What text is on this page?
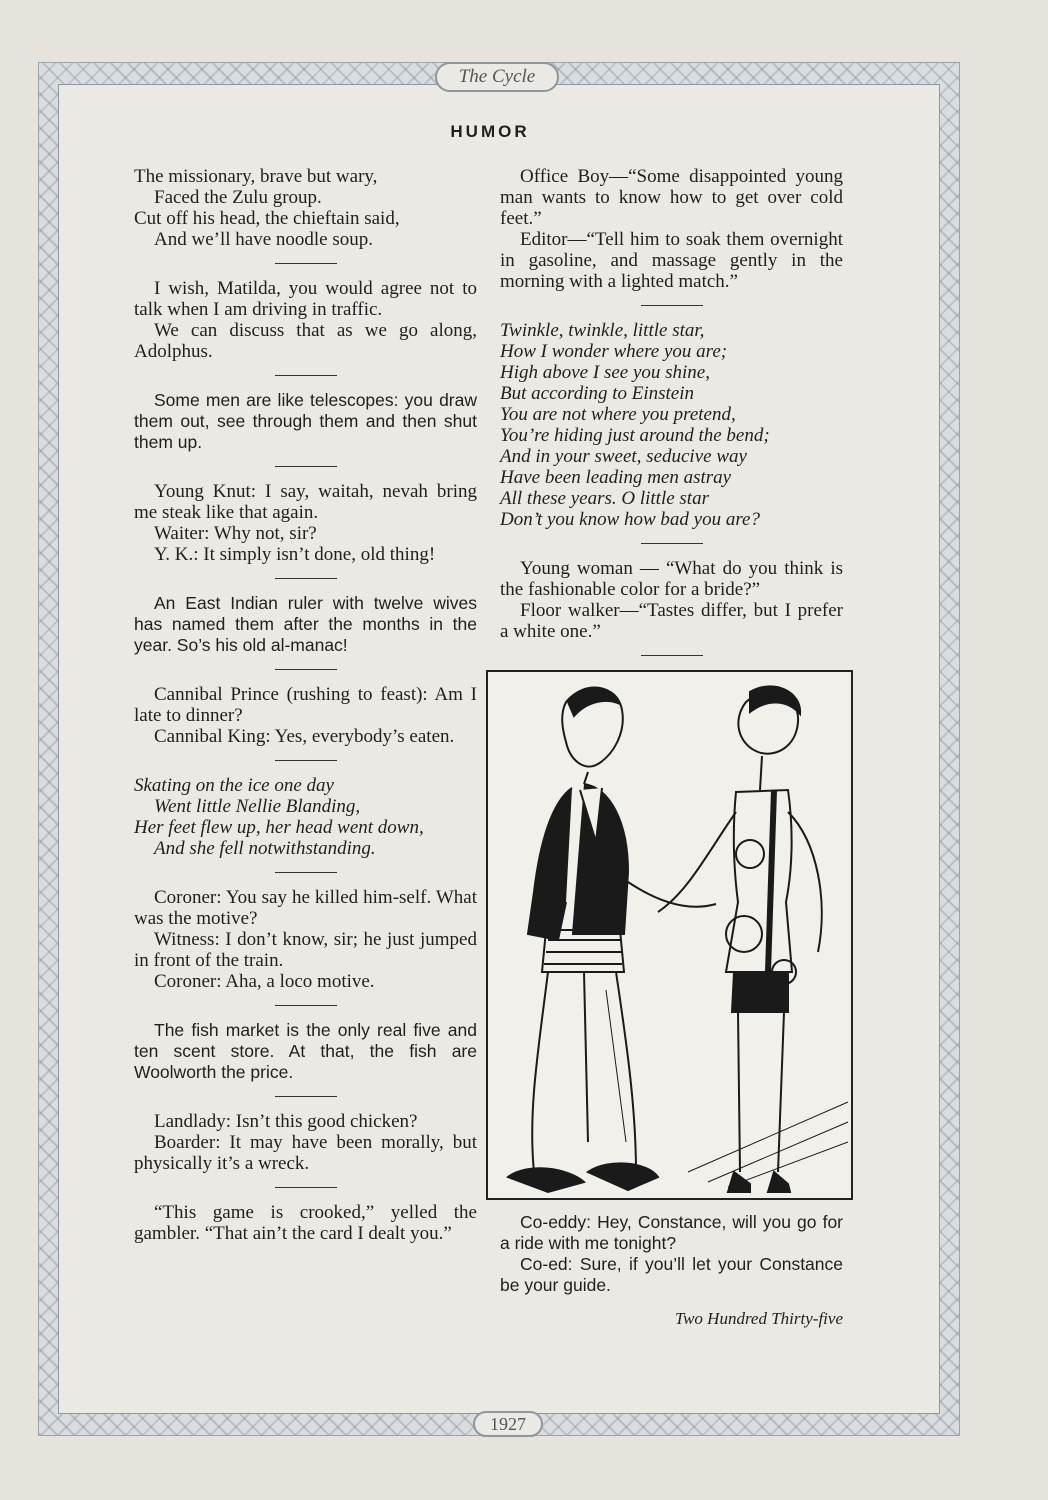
The Cycle
1927
HUMOR

The missionary, brave but wary,

Faced the Zulu group.

Cut off his head, the chieftain said,

And we’ll have noodle soup.

I wish, Matilda, you would agree not to talk when I am driving in traffic.

We can discuss that as we go along, Adolphus.

Some men are like telescopes: you draw them out, see through them and then shut them up.

Young Knut: I say, waitah, nevah bring me steak like that again.

Waiter: Why not, sir?

Y. K.: It simply isn’t done, old thing!

An East Indian ruler with twelve wives has named them after the months in the year. So’s his old al-manac!

Cannibal Prince (rushing to feast): Am I late to dinner?

Cannibal King: Yes, everybody’s eaten.

Skating on the ice one day

Went little Nellie Blanding,

Her feet flew up, her head went down,

And she fell notwithstanding.

Coroner: You say he killed him-self. What was the motive?

Witness: I don’t know, sir; he just jumped in front of the train.

Coroner: Aha, a loco motive.

The fish market is the only real five and ten scent store. At that, the fish are Woolworth the price.

Landlady: Isn’t this good chicken?

Boarder: It may have been morally, but physically it’s a wreck.

“This game is crooked,” yelled the gambler. “That ain’t the card I dealt you.”

Office Boy—“Some disappointed young man wants to know how to get over cold feet.”

Editor—“Tell him to soak them overnight in gasoline, and massage gently in the morning with a lighted match.”

Twinkle, twinkle, little star,

How I wonder where you are;

High above I see you shine,

But according to Einstein

You are not where you pretend,

You’re hiding just around the bend;

And in your sweet, seducive way

Have been leading men astray

All these years. O little star

Don’t you know how bad you are?

Young woman — “What do you think is the fashionable color for a bride?”

Floor walker—“Tastes differ, but I prefer a white one.”

Co-eddy: Hey, Constance, will you go for a ride with me tonight?

Co-ed: Sure, if you’ll let your Constance be your guide.

Two Hundred Thirty-five
